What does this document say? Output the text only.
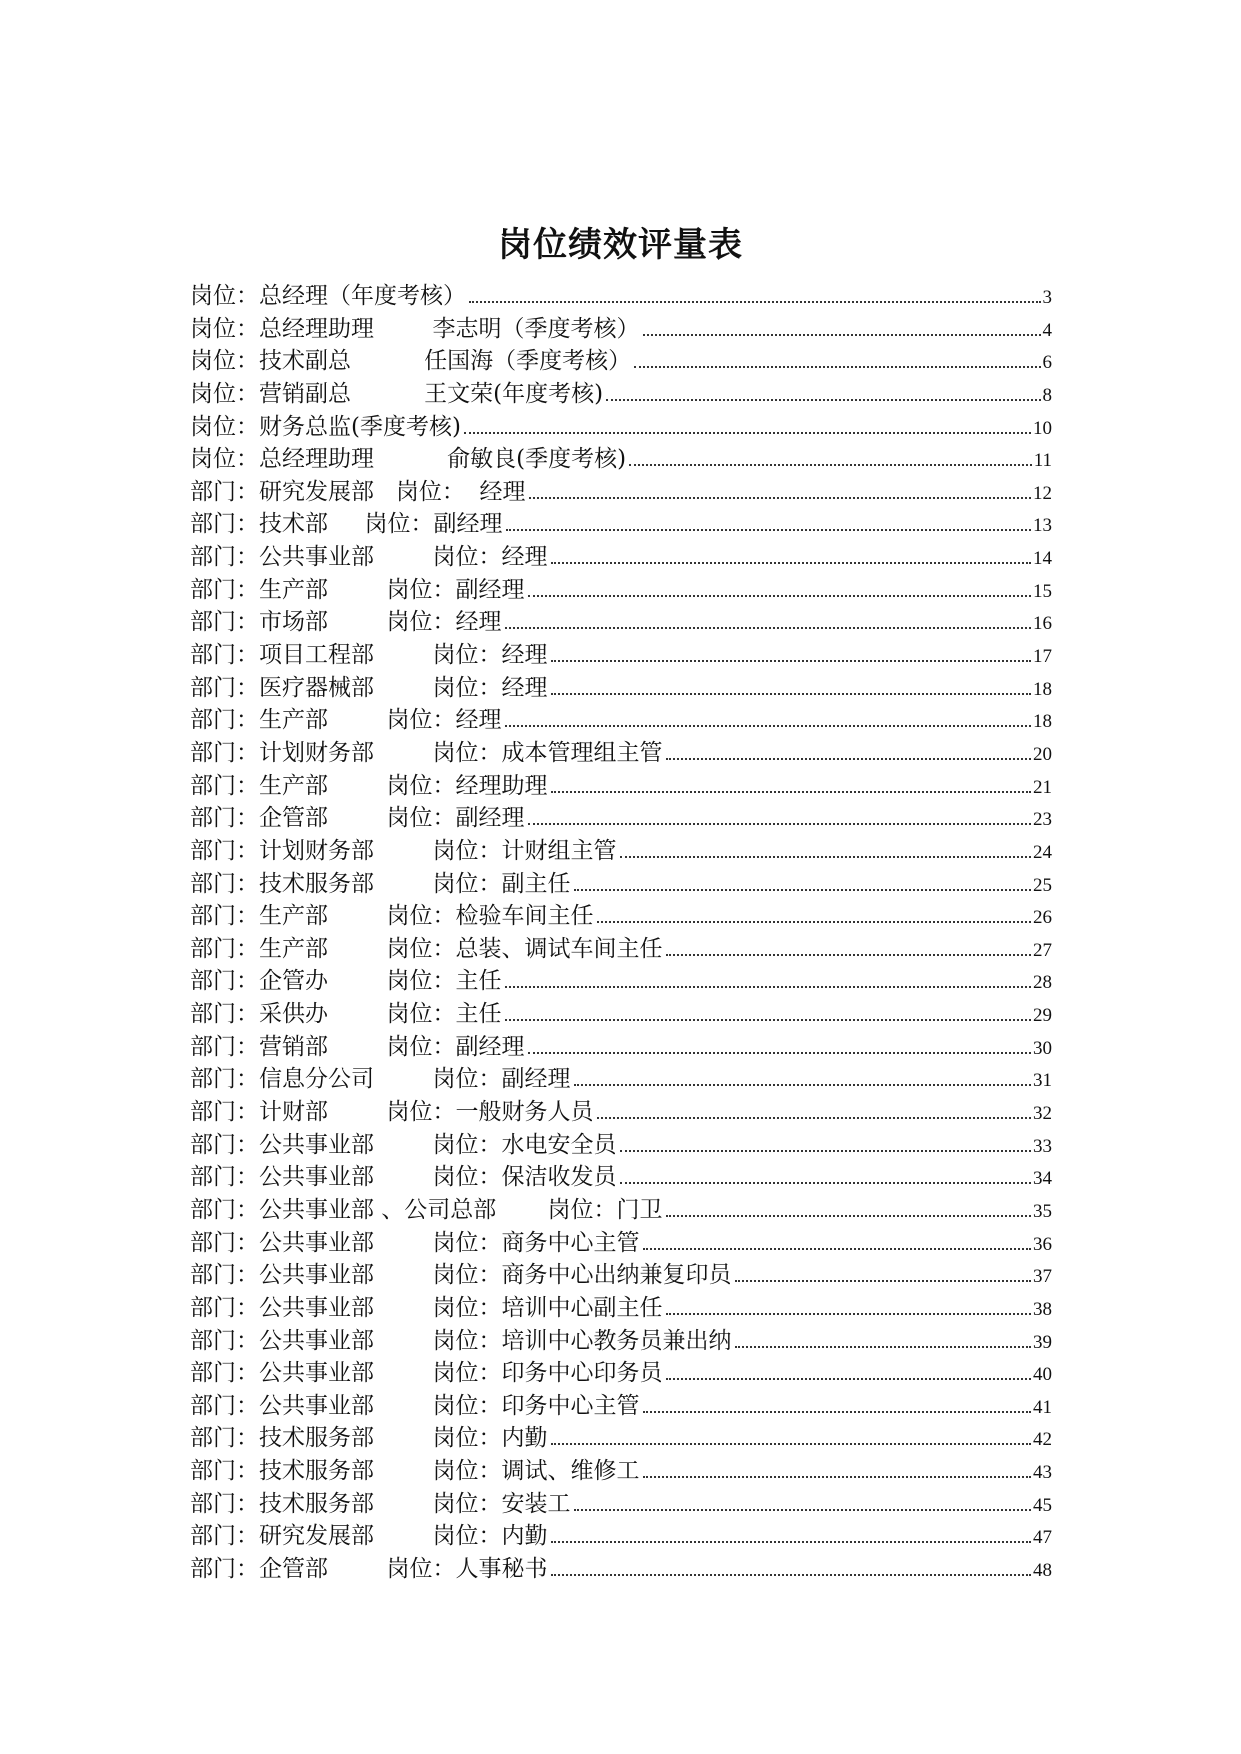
岗位绩效评量表
岗位：总经理（年度考核）	3
岗位：总经理助理        李志明（季度考核）	4
岗位：技术副总          任国海（季度考核）	6
岗位：营销副总          王文荣(年度考核)	8
岗位：财务总监(季度考核)	10
岗位：总经理助理          俞敏良(季度考核)	11
部门：研究发展部   岗位：  经理	12
部门：技术部     岗位：副经理	13
部门：公共事业部        岗位：经理	14
部门：生产部        岗位：副经理	15
部门：市场部        岗位：经理	16
部门：项目工程部        岗位：经理	17
部门：医疗器械部        岗位：经理	18
部门：生产部        岗位：经理	18
部门：计划财务部        岗位：成本管理组主管	20
部门：生产部        岗位：经理助理	21
部门：企管部        岗位：副经理	23
部门：计划财务部        岗位：计财组主管	24
部门：技术服务部        岗位：副主任	25
部门：生产部        岗位：检验车间主任	26
部门：生产部        岗位：总装、调试车间主任	27
部门：企管办        岗位：主任	28
部门：采供办        岗位：主任	29
部门：营销部        岗位：副经理	30
部门：信息分公司        岗位：副经理	31
部门：计财部        岗位：一般财务人员	32
部门：公共事业部        岗位：水电安全员	33
部门：公共事业部        岗位：保洁收发员	34
部门：公共事业部 、公司总部       岗位：门卫	35
部门：公共事业部        岗位：商务中心主管	36
部门：公共事业部        岗位：商务中心出纳兼复印员	37
部门：公共事业部        岗位：培训中心副主任	38
部门：公共事业部        岗位：培训中心教务员兼出纳	39
部门：公共事业部        岗位：印务中心印务员	40
部门：公共事业部        岗位：印务中心主管	41
部门：技术服务部        岗位：内勤	42
部门：技术服务部        岗位：调试、维修工	43
部门：技术服务部        岗位：安装工	45
部门：研究发展部        岗位：内勤	47
部门：企管部        岗位：人事秘书	48
